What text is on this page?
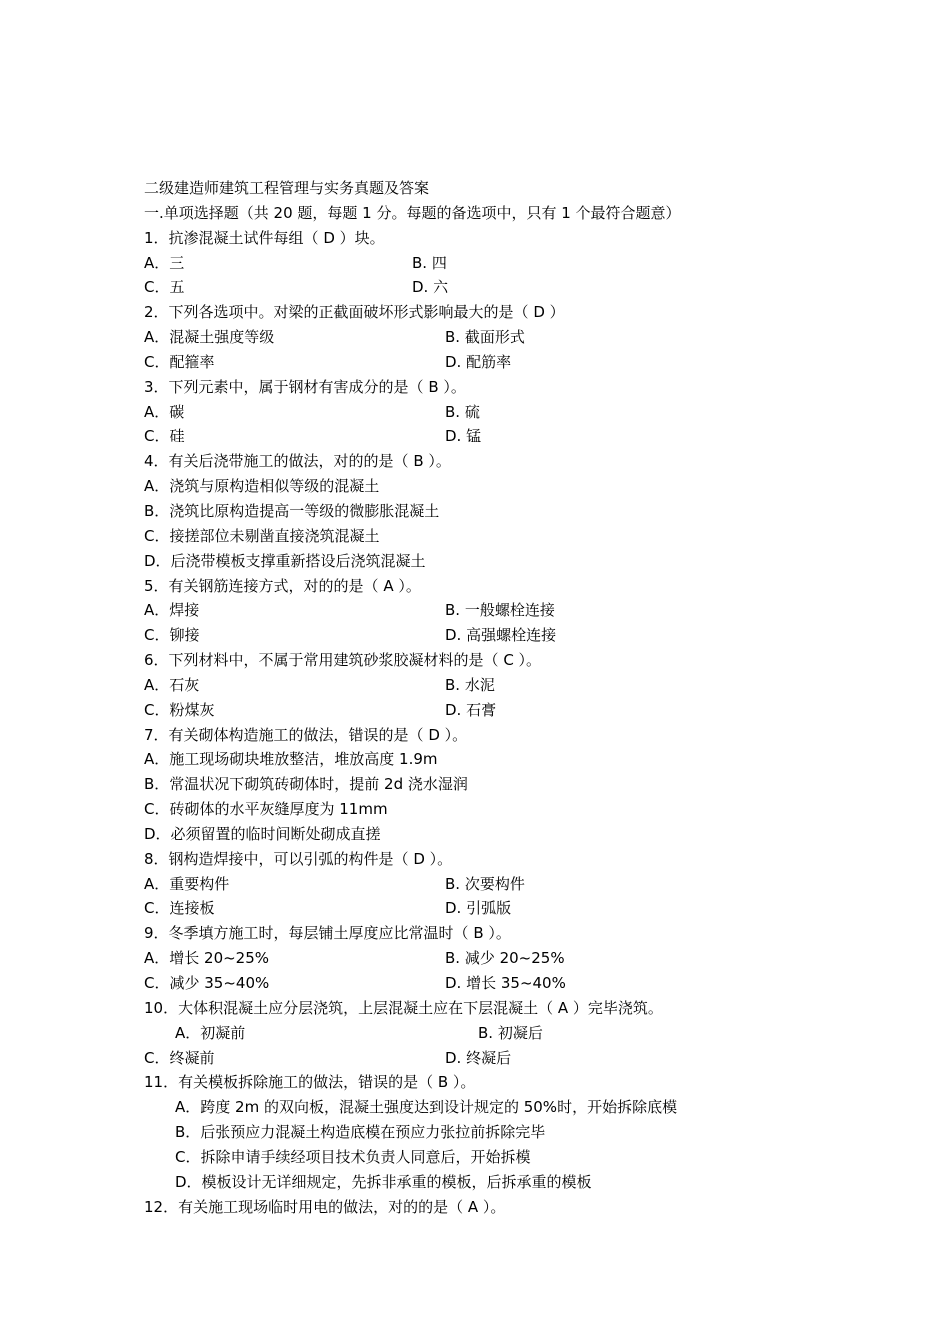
二级建造师建筑工程管理与实务真题及答案
一.单项选择题（共 20 题，每题 1 分。每题的备选项中，只有 1 个最符合题意）
1．抗渗混凝土试件每组（ D ）块。
A．三	B. 四
C．五	D. 六
2．下列各选项中。对梁的正截面破坏形式影响最大的是（ D ）
A．混凝土强度等级	B. 截面形式
C．配箍率	D. 配筋率
3．下列元素中，属于钢材有害成分的是（ B ）。
A．碳	B. 硫
C．硅	D. 锰
4．有关后浇带施工的做法，对的的是（ B ）。
A．浇筑与原构造相似等级的混凝土
B．浇筑比原构造提高一等级的微膨胀混凝土
C．接搓部位未剔凿直接浇筑混凝土
D．后浇带模板支撑重新搭设后浇筑混凝土
5．有关钢筋连接方式，对的的是（ A ）。
A．焊接	B. 一般螺栓连接
C．铆接	D. 高强螺栓连接
6．下列材料中，不属于常用建筑砂浆胶凝材料的是（ C ）。
A．石灰	B. 水泥
C．粉煤灰	D. 石膏
7．有关砌体构造施工的做法，错误的是（ D ）。
A．施工现场砌块堆放整洁，堆放高度 1.9m
B．常温状况下砌筑砖砌体时，提前 2d 浇水湿润
C．砖砌体的水平灰缝厚度为 11mm
D．必须留置的临时间断处砌成直搓
8．钢构造焊接中，可以引弧的构件是（ D ）。
A．重要构件	B. 次要构件
C．连接板	D. 引弧版
9．冬季填方施工时，每层铺土厚度应比常温时（ B ）。
A．增长 20~25%	B. 减少 20~25%
C．减少 35~40%	D. 增长 35~40%
10．大体积混凝土应分层浇筑，上层混凝土应在下层混凝土（ A ）完毕浇筑。
A．初凝前	B. 初凝后
C．终凝前	D. 终凝后
11．有关模板拆除施工的做法，错误的是（ B ）。
A．跨度 2m 的双向板，混凝土强度达到设计规定的 50%时，开始拆除底模
B．后张预应力混凝土构造底模在预应力张拉前拆除完毕
C．拆除申请手续经项目技术负责人同意后，开始拆模
D．模板设计无详细规定，先拆非承重的模板，后拆承重的模板
12．有关施工现场临时用电的做法，对的的是（ A ）。
